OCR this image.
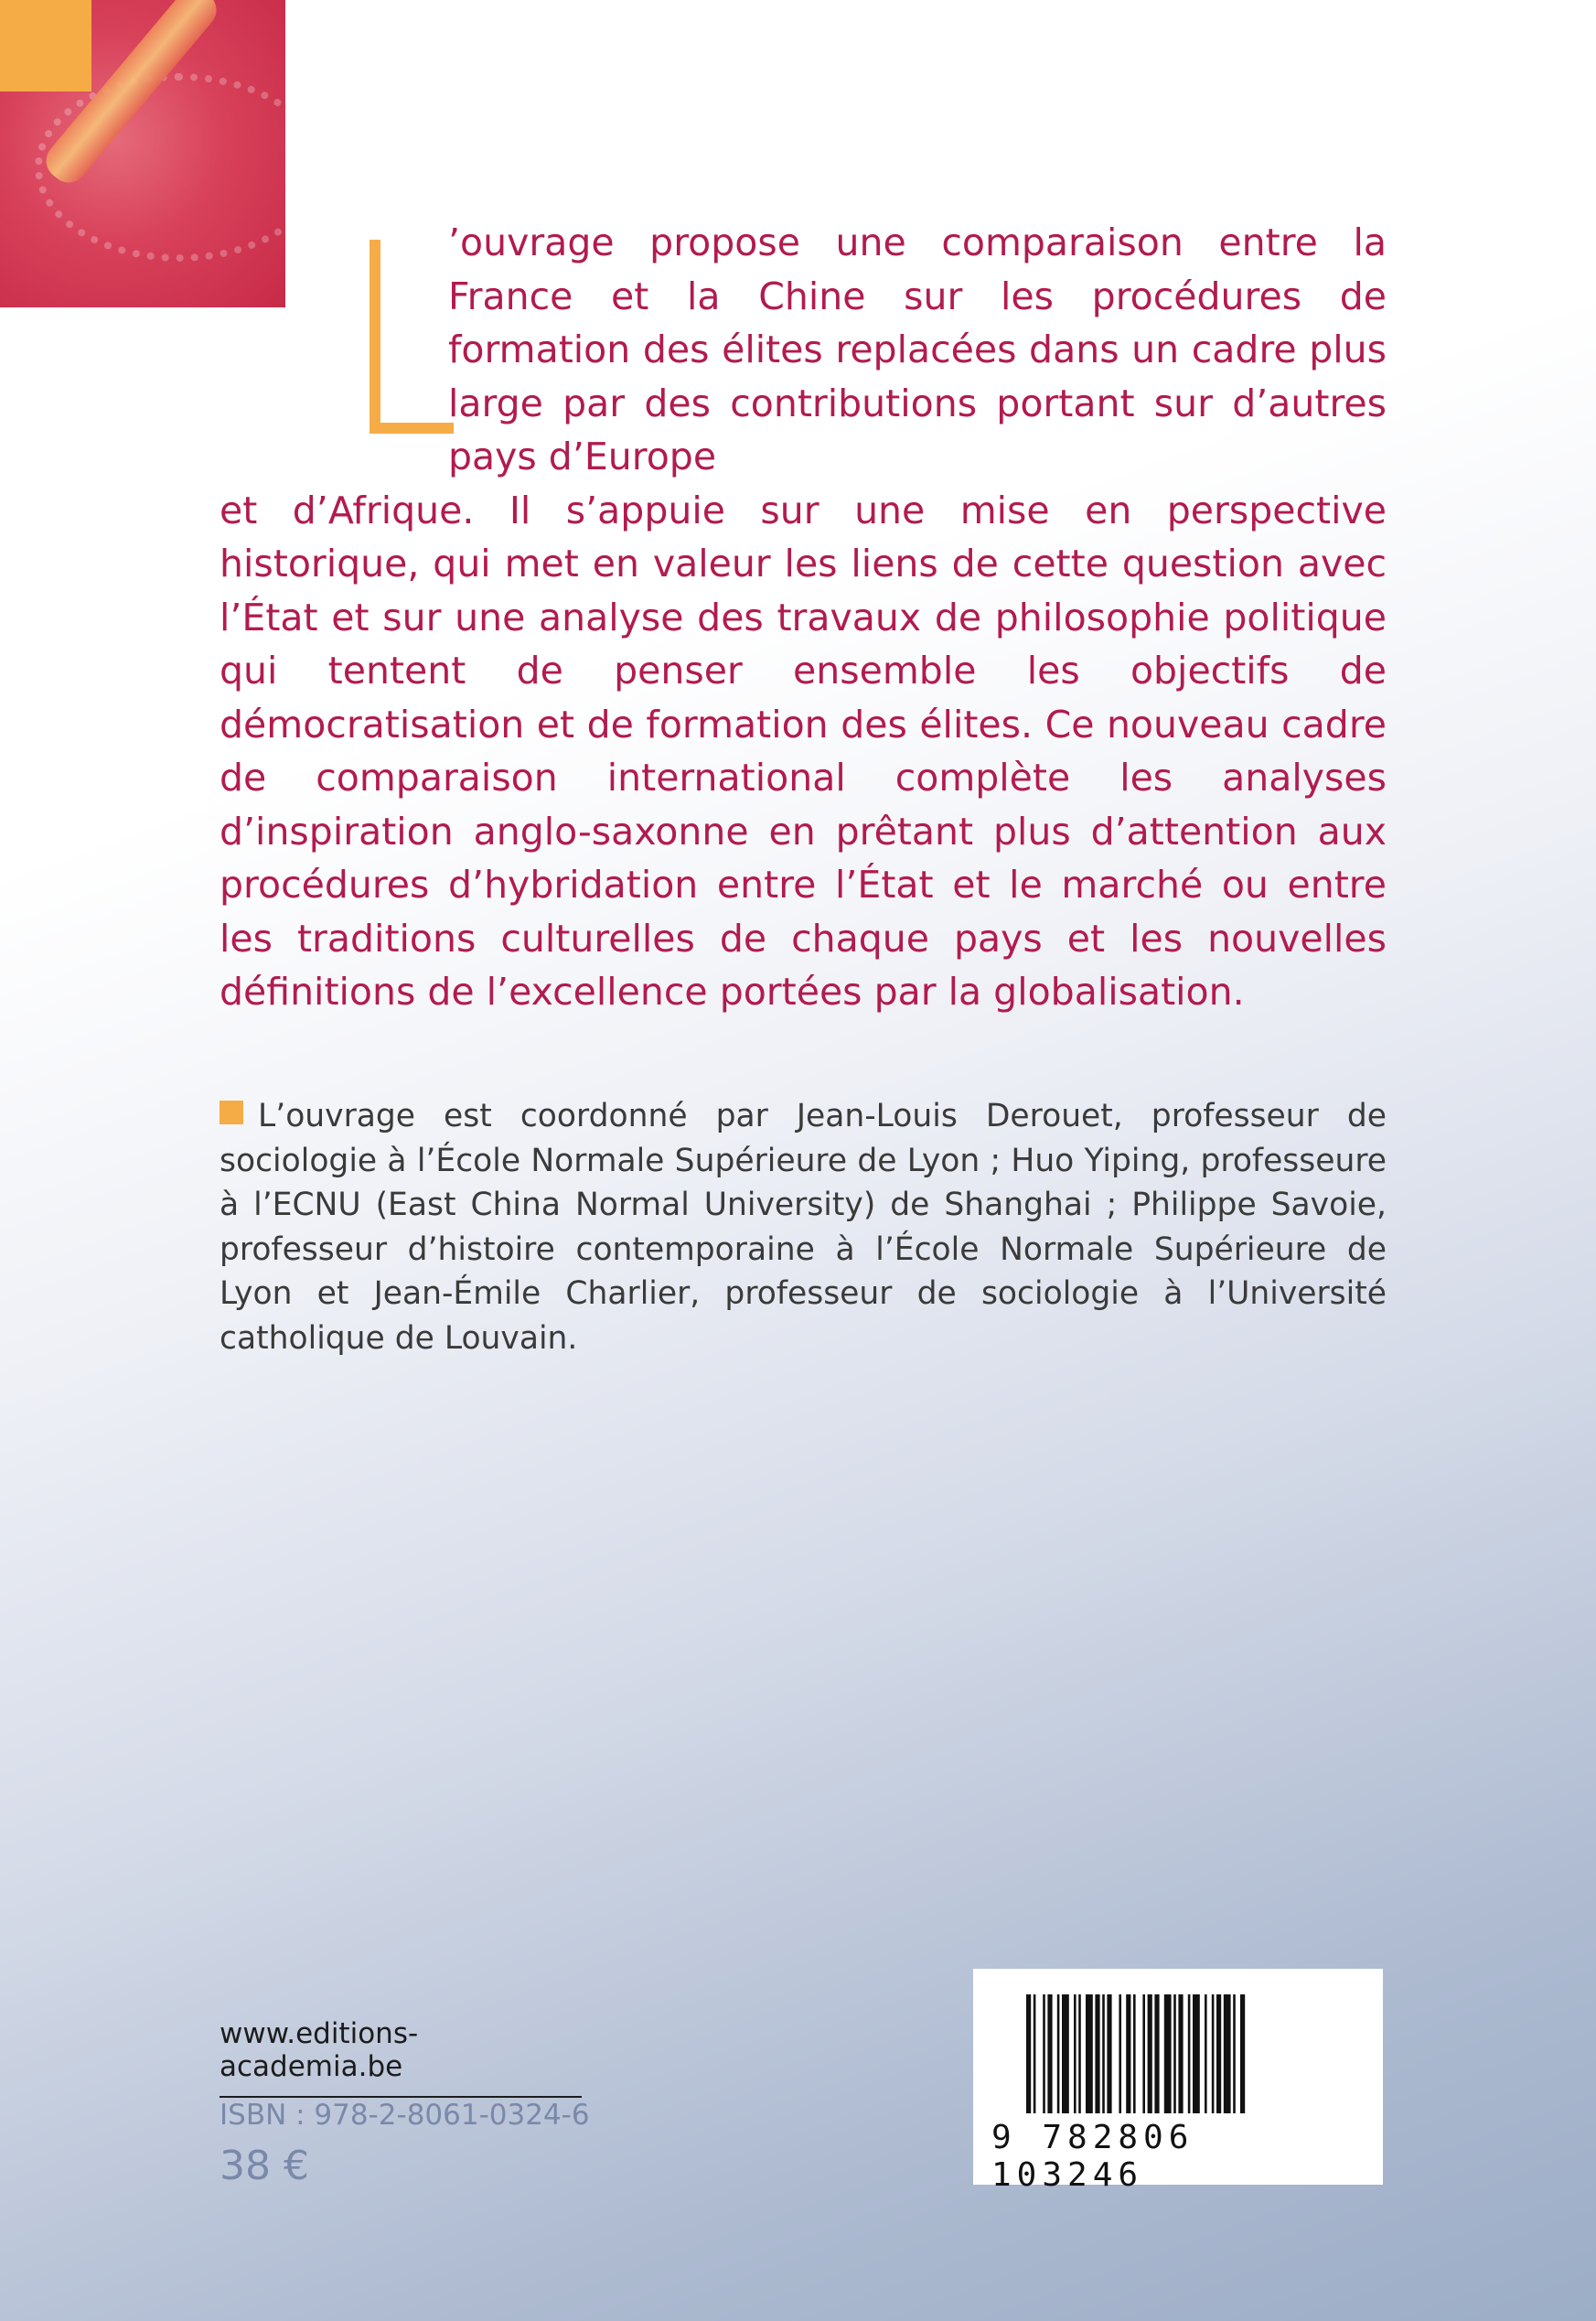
’ouvrage propose une comparaison entre la France et la Chine sur les procédures de formation des élites replacées dans un cadre plus large par des contributions portant sur d’autres pays d’Europe
et d’Afrique. Il s’appuie sur une mise en perspective historique, qui met en valeur les liens de cette question avec l’État et sur une analyse des travaux de philosophie politique qui tentent de penser ensemble les objectifs de démocratisation et de formation des élites. Ce nouveau cadre de comparaison international complète les analyses d’inspiration anglo-saxonne en prêtant plus d’attention aux procédures d’hybridation entre l’État et le marché ou entre les traditions culturelles de chaque pays et les nouvelles définitions de l’excellence portées par la globalisation.

L’ouvrage est coordonné par Jean-Louis Derouet, professeur de sociologie à l’École Normale Supérieure de Lyon ; Huo Yiping, professeure à l’ECNU (East China Normal University) de Shanghai ; Philippe Savoie, professeur d’histoire contemporaine à l’École Normale Supérieure de Lyon et Jean-Émile Charlier, professeur de sociologie à l’Université catholique de Louvain.

www.editions-academia.be
ISBN : 978-2-8061-0324-6
38 €
9 782806 103246
